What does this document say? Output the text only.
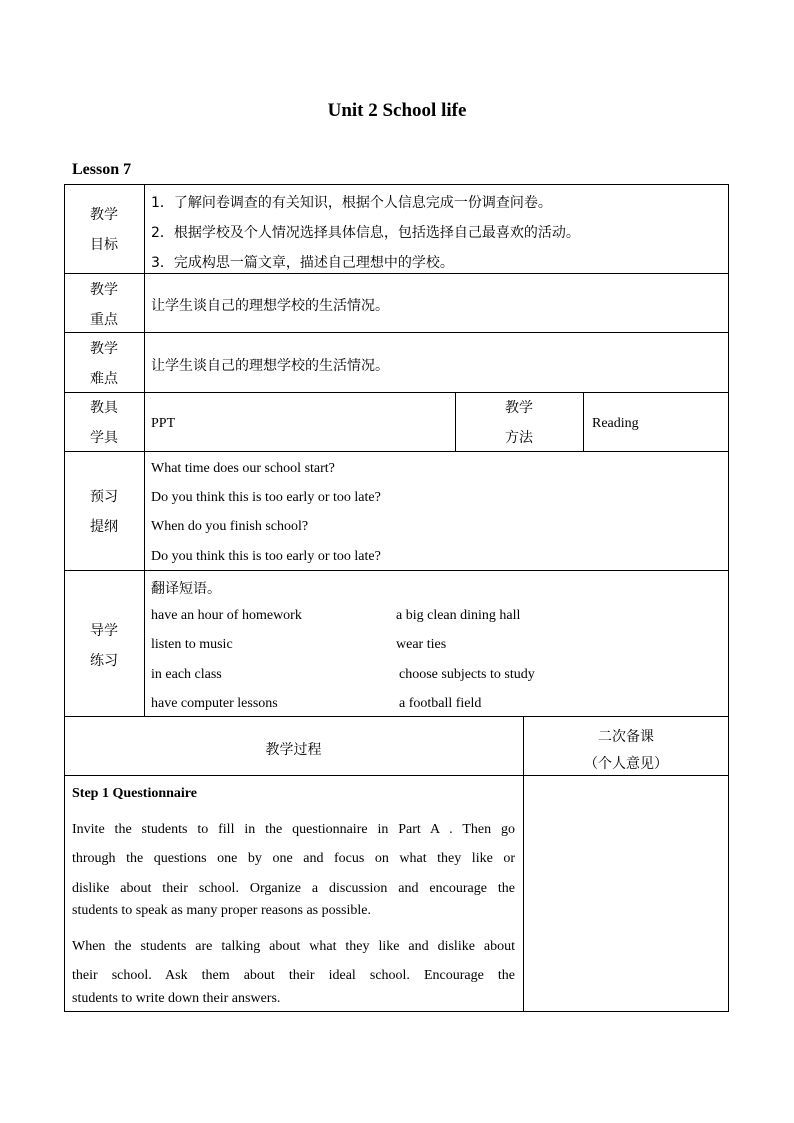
Unit 2 School life
Lesson 7
教学
目标
1．了解问卷调查的有关知识，根据个人信息完成一份调查问卷。
2．根据学校及个人情况选择具体信息，包括选择自己最喜欢的活动。
3．完成构思一篇文章，描述自己理想中的学校。
教学
重点
让学生谈自己的理想学校的生活情况。
教学
难点
让学生谈自己的理想学校的生活情况。
教具
学具
PPT
教学
方法
Reading
预习
提纲
What time does our school start?
Do you think this is too early or too late?
When do you finish school?
Do you think this is too early or too late?
导学
练习
翻译短语。
have an hour of homework
listen to music
in each class
have computer lessons
a big clean dining hall
wear ties
choose subjects to study
a football field
教学过程
二次备课
（个人意见）
Step 1 Questionnaire
Invite the students to fill in the questionnaire in Part A . Then go
through the questions one by one and focus on what they like or
dislike about their school. Organize a discussion and encourage the
students to speak as many proper reasons as possible.
When the students are talking about what they like and dislike about
their school. Ask them about their ideal school. Encourage the
students to write down their answers.
